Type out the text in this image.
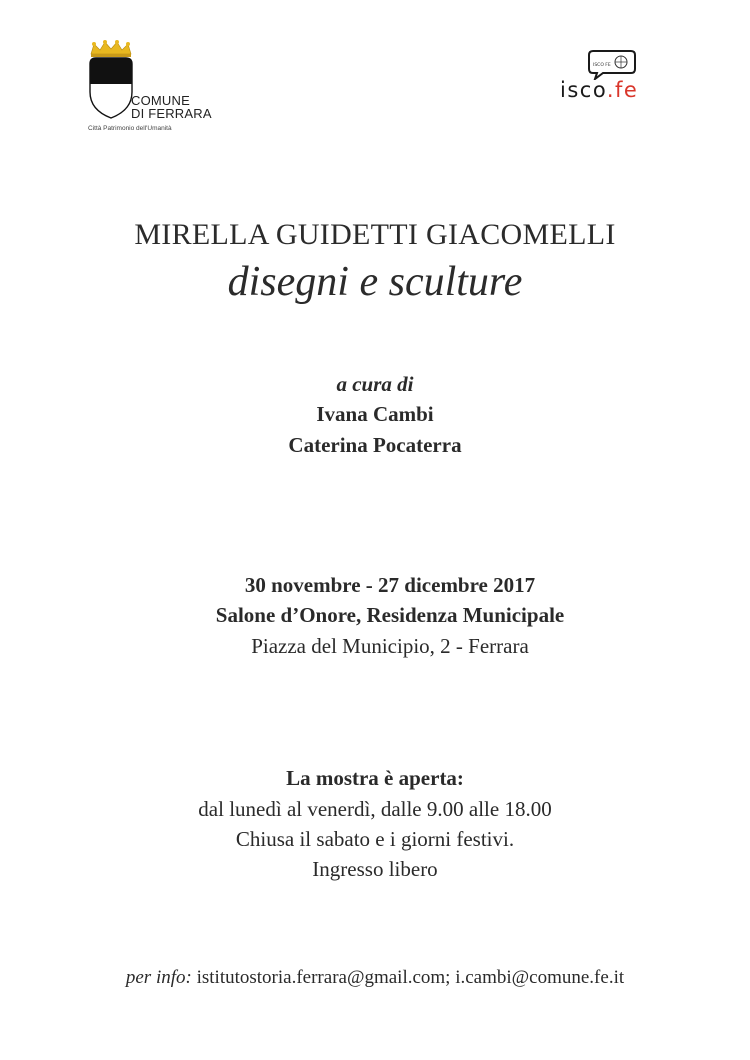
COMUNE
DI FERRARA
Città Patrimonio dell'Umanità
ISCO FE
isco.fe
MIRELLA GUIDETTI GIACOMELLI
disegni e sculture
a cura di
Ivana Cambi
Caterina Pocaterra
30 novembre - 27 dicembre 2017
Salone d’Onore, Residenza Municipale
Piazza del Municipio, 2 - Ferrara
La mostra è aperta:
dal lunedì al venerdì, dalle 9.00 alle 18.00
Chiusa il sabato e i giorni festivi.
Ingresso libero
per info: istitutostoria.ferrara@gmail.com; i.cambi@comune.fe.it
